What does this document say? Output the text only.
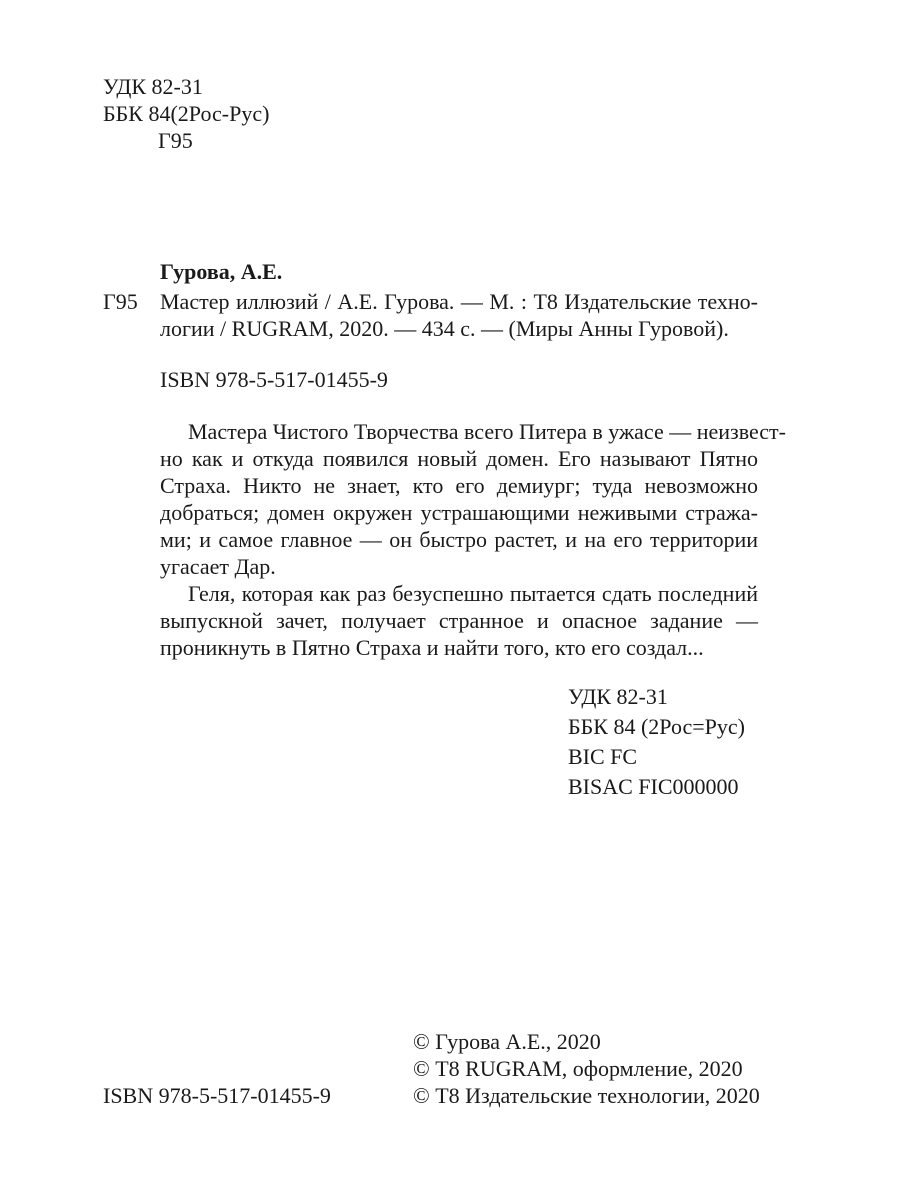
УДК 82-31
ББК 84(2Рос-Рус)
Г95
Гурова, А.Е.
Г95 Мастер иллюзий / А.Е. Гурова. — М. : Т8 Издательские техно-
логии / RUGRAM, 2020. — 434 с. — (Миры Анны Гуровой).
ISBN 978-5-517-01455-9
Мастера Чистого Творчества всего Питера в ужасе — неизвест-
но как и откуда появился новый домен. Его называют Пятно
Страха. Никто не знает, кто его демиург; туда невозможно
добраться; домен окружен устрашающими неживыми стража-
ми; и самое главное — он быстро растет, и на его территории
угасает Дар.
Геля, которая как раз безуспешно пытается сдать последний
выпускной зачет, получает странное и опасное задание —
проникнуть в Пятно Страха и найти того, кто его создал...
УДК 82-31
ББК 84 (2Рос=Рус)
BIC FC
BISAC FIC000000
ISBN 978-5-517-01455-9
© Гурова А.Е., 2020
© Т8 RUGRAM, оформление, 2020
© Т8 Издательские технологии, 2020
